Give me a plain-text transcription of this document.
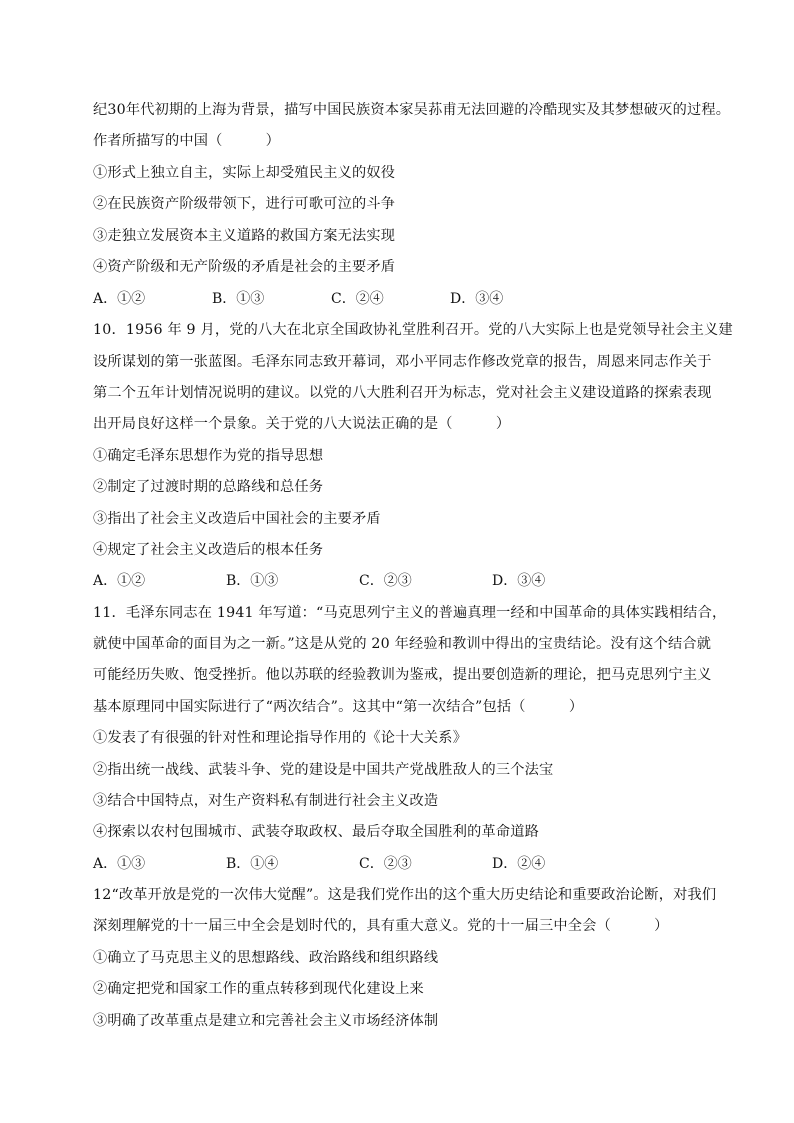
纪30年代初期的上海为背景，描写中国民族资本家吴荪甫无法回避的冷酷现实及其梦想破灭的过程。
作者所描写的中国（　　　）
①形式上独立自主，实际上却受殖民主义的奴役
②在民族资产阶级带领下，进行可歌可泣的斗争
③走独立发展资本主义道路的救国方案无法实现
④资产阶级和无产阶级的矛盾是社会的主要矛盾
A．①②	B．①③	C．②④	D．③④
10．1956 年 9 月，党的八大在北京全国政协礼堂胜利召开。党的八大实际上也是党领导社会主义建
设所谋划的第一张蓝图。毛泽东同志致开幕词，邓小平同志作修改党章的报告，周恩来同志作关于
第二个五年计划情况说明的建议。以党的八大胜利召开为标志，党对社会主义建设道路的探索表现
出开局良好这样一个景象。关于党的八大说法正确的是（　　　）
①确定毛泽东思想作为党的指导思想
②制定了过渡时期的总路线和总任务
③指出了社会主义改造后中国社会的主要矛盾
④规定了社会主义改造后的根本任务
A．①②	B．①③	C．②③	D．③④
11．毛泽东同志在 1941 年写道：“马克思列宁主义的普遍真理一经和中国革命的具体实践相结合，
就使中国革命的面目为之一新。”这是从党的 20 年经验和教训中得出的宝贵结论。没有这个结合就
可能经历失败、饱受挫折。他以苏联的经验教训为鉴戒，提出要创造新的理论，把马克思列宁主义
基本原理同中国实际进行了“两次结合”。这其中“第一次结合”包括（　　　）
①发表了有很强的针对性和理论指导作用的《论十大关系》
②指出统一战线、武装斗争、党的建设是中国共产党战胜敌人的三个法宝
③结合中国特点，对生产资料私有制进行社会主义改造
④探索以农村包围城市、武装夺取政权、最后夺取全国胜利的革命道路
A．①③	B．①④	C．②③	D．②④
12“改革开放是党的一次伟大觉醒”。这是我们党作出的这个重大历史结论和重要政治论断，对我们
深刻理解党的十一届三中全会是划时代的，具有重大意义。党的十一届三中全会（　　　）
①确立了马克思主义的思想路线、政治路线和组织路线
②确定把党和国家工作的重点转移到现代化建设上来
③明确了改革重点是建立和完善社会主义市场经济体制
